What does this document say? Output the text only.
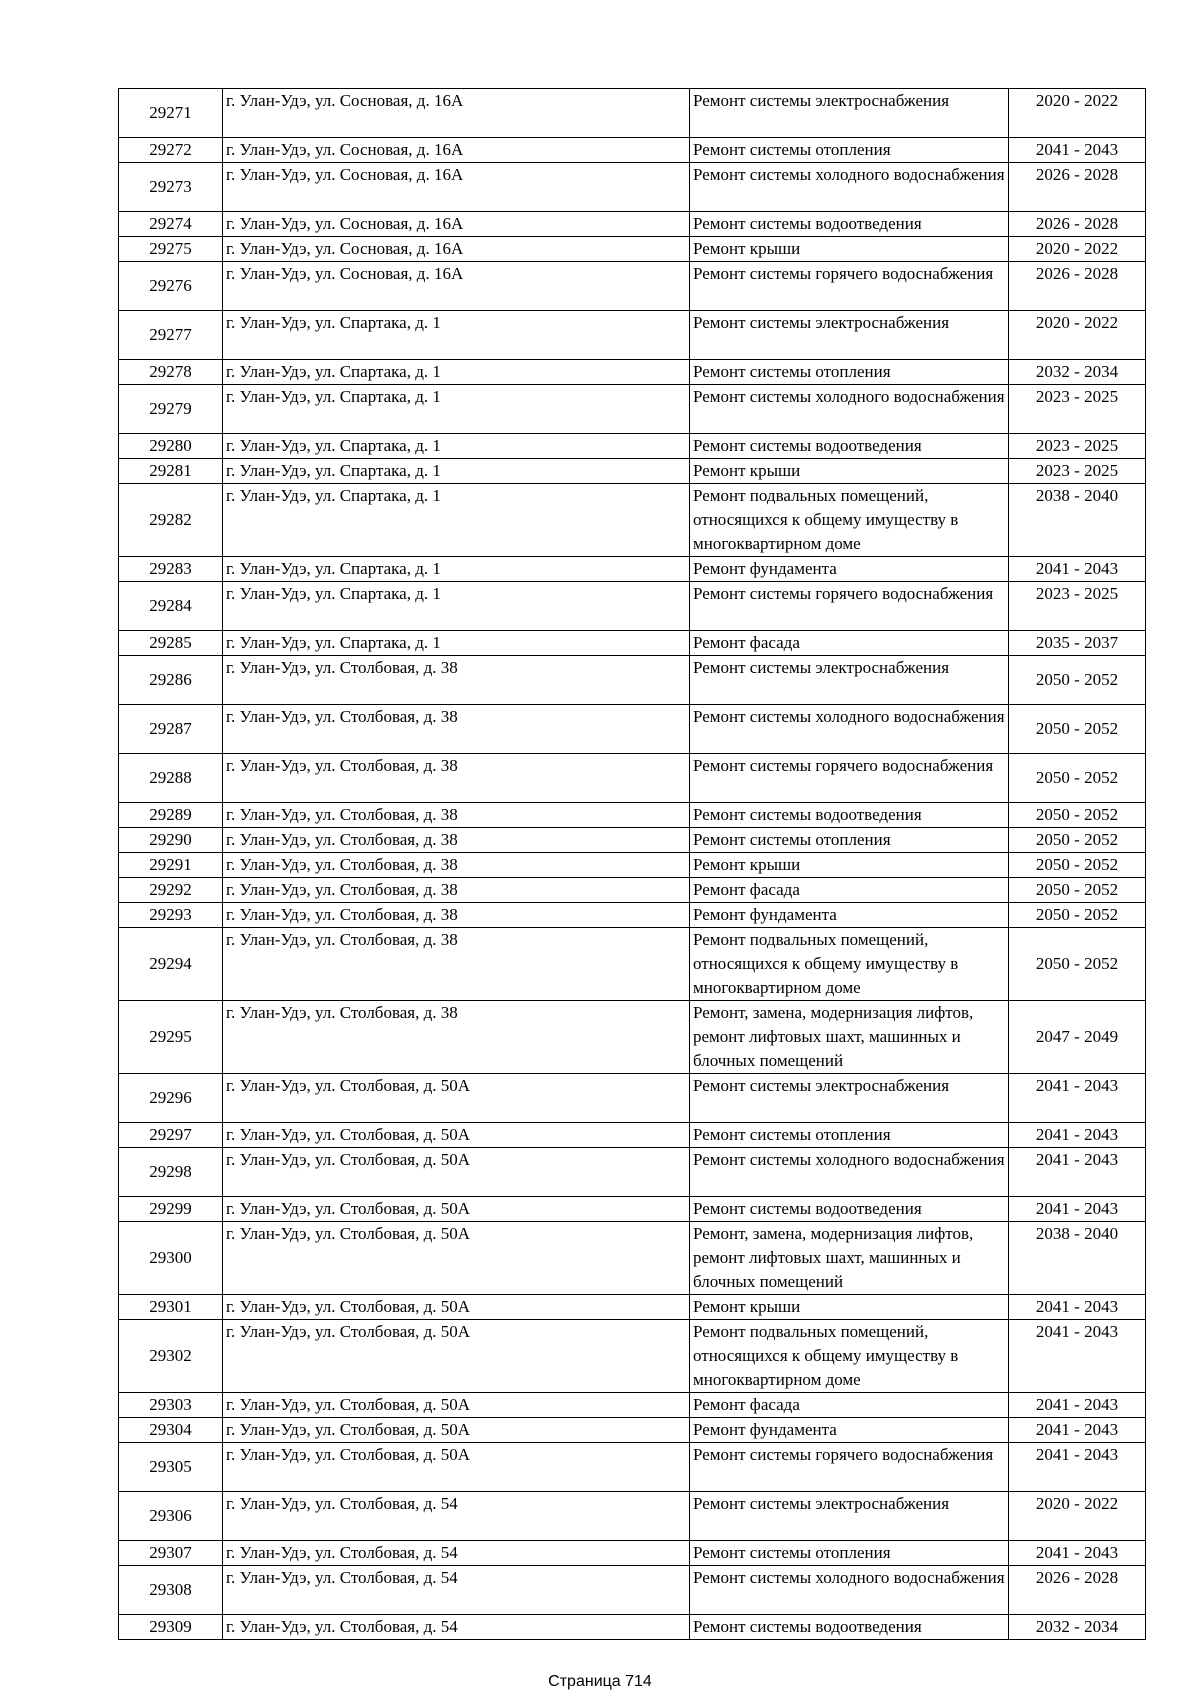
29271	г. Улан-Удэ, ул. Сосновая, д. 16А	Ремонт системы электроснабжения	2020 - 2022
29272	г. Улан-Удэ, ул. Сосновая, д. 16А	Ремонт системы отопления	2041 - 2043
29273	г. Улан-Удэ, ул. Сосновая, д. 16А	Ремонт системы холодного водоснабжения	2026 - 2028
29274	г. Улан-Удэ, ул. Сосновая, д. 16А	Ремонт системы водоотведения	2026 - 2028
29275	г. Улан-Удэ, ул. Сосновая, д. 16А	Ремонт крыши	2020 - 2022
29276	г. Улан-Удэ, ул. Сосновая, д. 16А	Ремонт системы горячего водоснабжения	2026 - 2028
29277	г. Улан-Удэ, ул. Спартака, д. 1	Ремонт системы электроснабжения	2020 - 2022
29278	г. Улан-Удэ, ул. Спартака, д. 1	Ремонт системы отопления	2032 - 2034
29279	г. Улан-Удэ, ул. Спартака, д. 1	Ремонт системы холодного водоснабжения	2023 - 2025
29280	г. Улан-Удэ, ул. Спартака, д. 1	Ремонт системы водоотведения	2023 - 2025
29281	г. Улан-Удэ, ул. Спартака, д. 1	Ремонт крыши	2023 - 2025
29282	г. Улан-Удэ, ул. Спартака, д. 1	Ремонт подвальных помещений, относящихся к общему имуществу в многоквартирном доме	2038 - 2040
29283	г. Улан-Удэ, ул. Спартака, д. 1	Ремонт фундамента	2041 - 2043
29284	г. Улан-Удэ, ул. Спартака, д. 1	Ремонт системы горячего водоснабжения	2023 - 2025
29285	г. Улан-Удэ, ул. Спартака, д. 1	Ремонт фасада	2035 - 2037
29286	г. Улан-Удэ, ул. Столбовая, д. 38	Ремонт системы электроснабжения	2050 - 2052
29287	г. Улан-Удэ, ул. Столбовая, д. 38	Ремонт системы холодного водоснабжения	2050 - 2052
29288	г. Улан-Удэ, ул. Столбовая, д. 38	Ремонт системы горячего водоснабжения	2050 - 2052
29289	г. Улан-Удэ, ул. Столбовая, д. 38	Ремонт системы водоотведения	2050 - 2052
29290	г. Улан-Удэ, ул. Столбовая, д. 38	Ремонт системы отопления	2050 - 2052
29291	г. Улан-Удэ, ул. Столбовая, д. 38	Ремонт крыши	2050 - 2052
29292	г. Улан-Удэ, ул. Столбовая, д. 38	Ремонт фасада	2050 - 2052
29293	г. Улан-Удэ, ул. Столбовая, д. 38	Ремонт фундамента	2050 - 2052
29294	г. Улан-Удэ, ул. Столбовая, д. 38	Ремонт подвальных помещений, относящихся к общему имуществу в многоквартирном доме	2050 - 2052
29295	г. Улан-Удэ, ул. Столбовая, д. 38	Ремонт, замена, модернизация лифтов, ремонт лифтовых шахт, машинных и блочных помещений	2047 - 2049
29296	г. Улан-Удэ, ул. Столбовая, д. 50А	Ремонт системы электроснабжения	2041 - 2043
29297	г. Улан-Удэ, ул. Столбовая, д. 50А	Ремонт системы отопления	2041 - 2043
29298	г. Улан-Удэ, ул. Столбовая, д. 50А	Ремонт системы холодного водоснабжения	2041 - 2043
29299	г. Улан-Удэ, ул. Столбовая, д. 50А	Ремонт системы водоотведения	2041 - 2043
29300	г. Улан-Удэ, ул. Столбовая, д. 50А	Ремонт, замена, модернизация лифтов, ремонт лифтовых шахт, машинных и блочных помещений	2038 - 2040
29301	г. Улан-Удэ, ул. Столбовая, д. 50А	Ремонт крыши	2041 - 2043
29302	г. Улан-Удэ, ул. Столбовая, д. 50А	Ремонт подвальных помещений, относящихся к общему имуществу в многоквартирном доме	2041 - 2043
29303	г. Улан-Удэ, ул. Столбовая, д. 50А	Ремонт фасада	2041 - 2043
29304	г. Улан-Удэ, ул. Столбовая, д. 50А	Ремонт фундамента	2041 - 2043
29305	г. Улан-Удэ, ул. Столбовая, д. 50А	Ремонт системы горячего водоснабжения	2041 - 2043
29306	г. Улан-Удэ, ул. Столбовая, д. 54	Ремонт системы электроснабжения	2020 - 2022
29307	г. Улан-Удэ, ул. Столбовая, д. 54	Ремонт системы отопления	2041 - 2043
29308	г. Улан-Удэ, ул. Столбовая, д. 54	Ремонт системы холодного водоснабжения	2026 - 2028
29309	г. Улан-Удэ, ул. Столбовая, д. 54	Ремонт системы водоотведения	2032 - 2034
Страница 714
